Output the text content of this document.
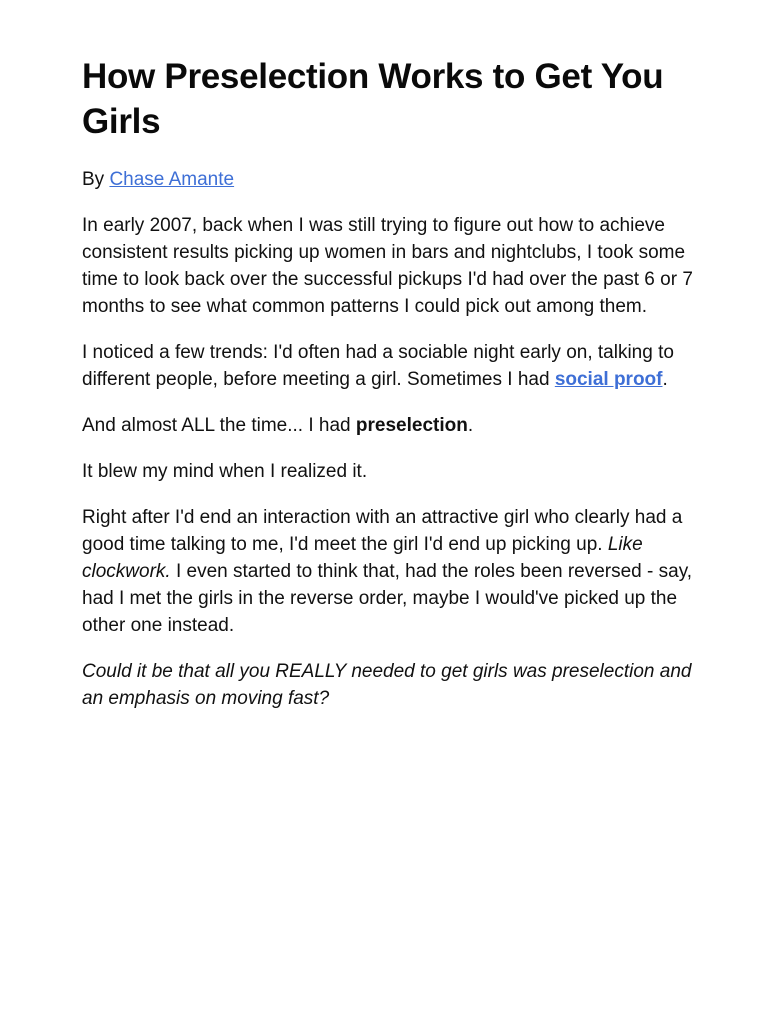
How Preselection Works to Get You Girls
By Chase Amante

In early 2007, back when I was still trying to figure out how to achieve consistent results picking up women in bars and nightclubs, I took some time to look back over the successful pickups I'd had over the past 6 or 7 months to see what common patterns I could pick out among them.

I noticed a few trends: I'd often had a sociable night early on, talking to different people, before meeting a girl. Sometimes I had social proof.

And almost ALL the time... I had preselection.

It blew my mind when I realized it.

Right after I'd end an interaction with an attractive girl who clearly had a good time talking to me, I'd meet the girl I'd end up picking up. Like clockwork. I even started to think that, had the roles been reversed - say, had I met the girls in the reverse order, maybe I would've picked up the other one instead.

Could it be that all you REALLY needed to get girls was preselection and an emphasis on moving fast?
